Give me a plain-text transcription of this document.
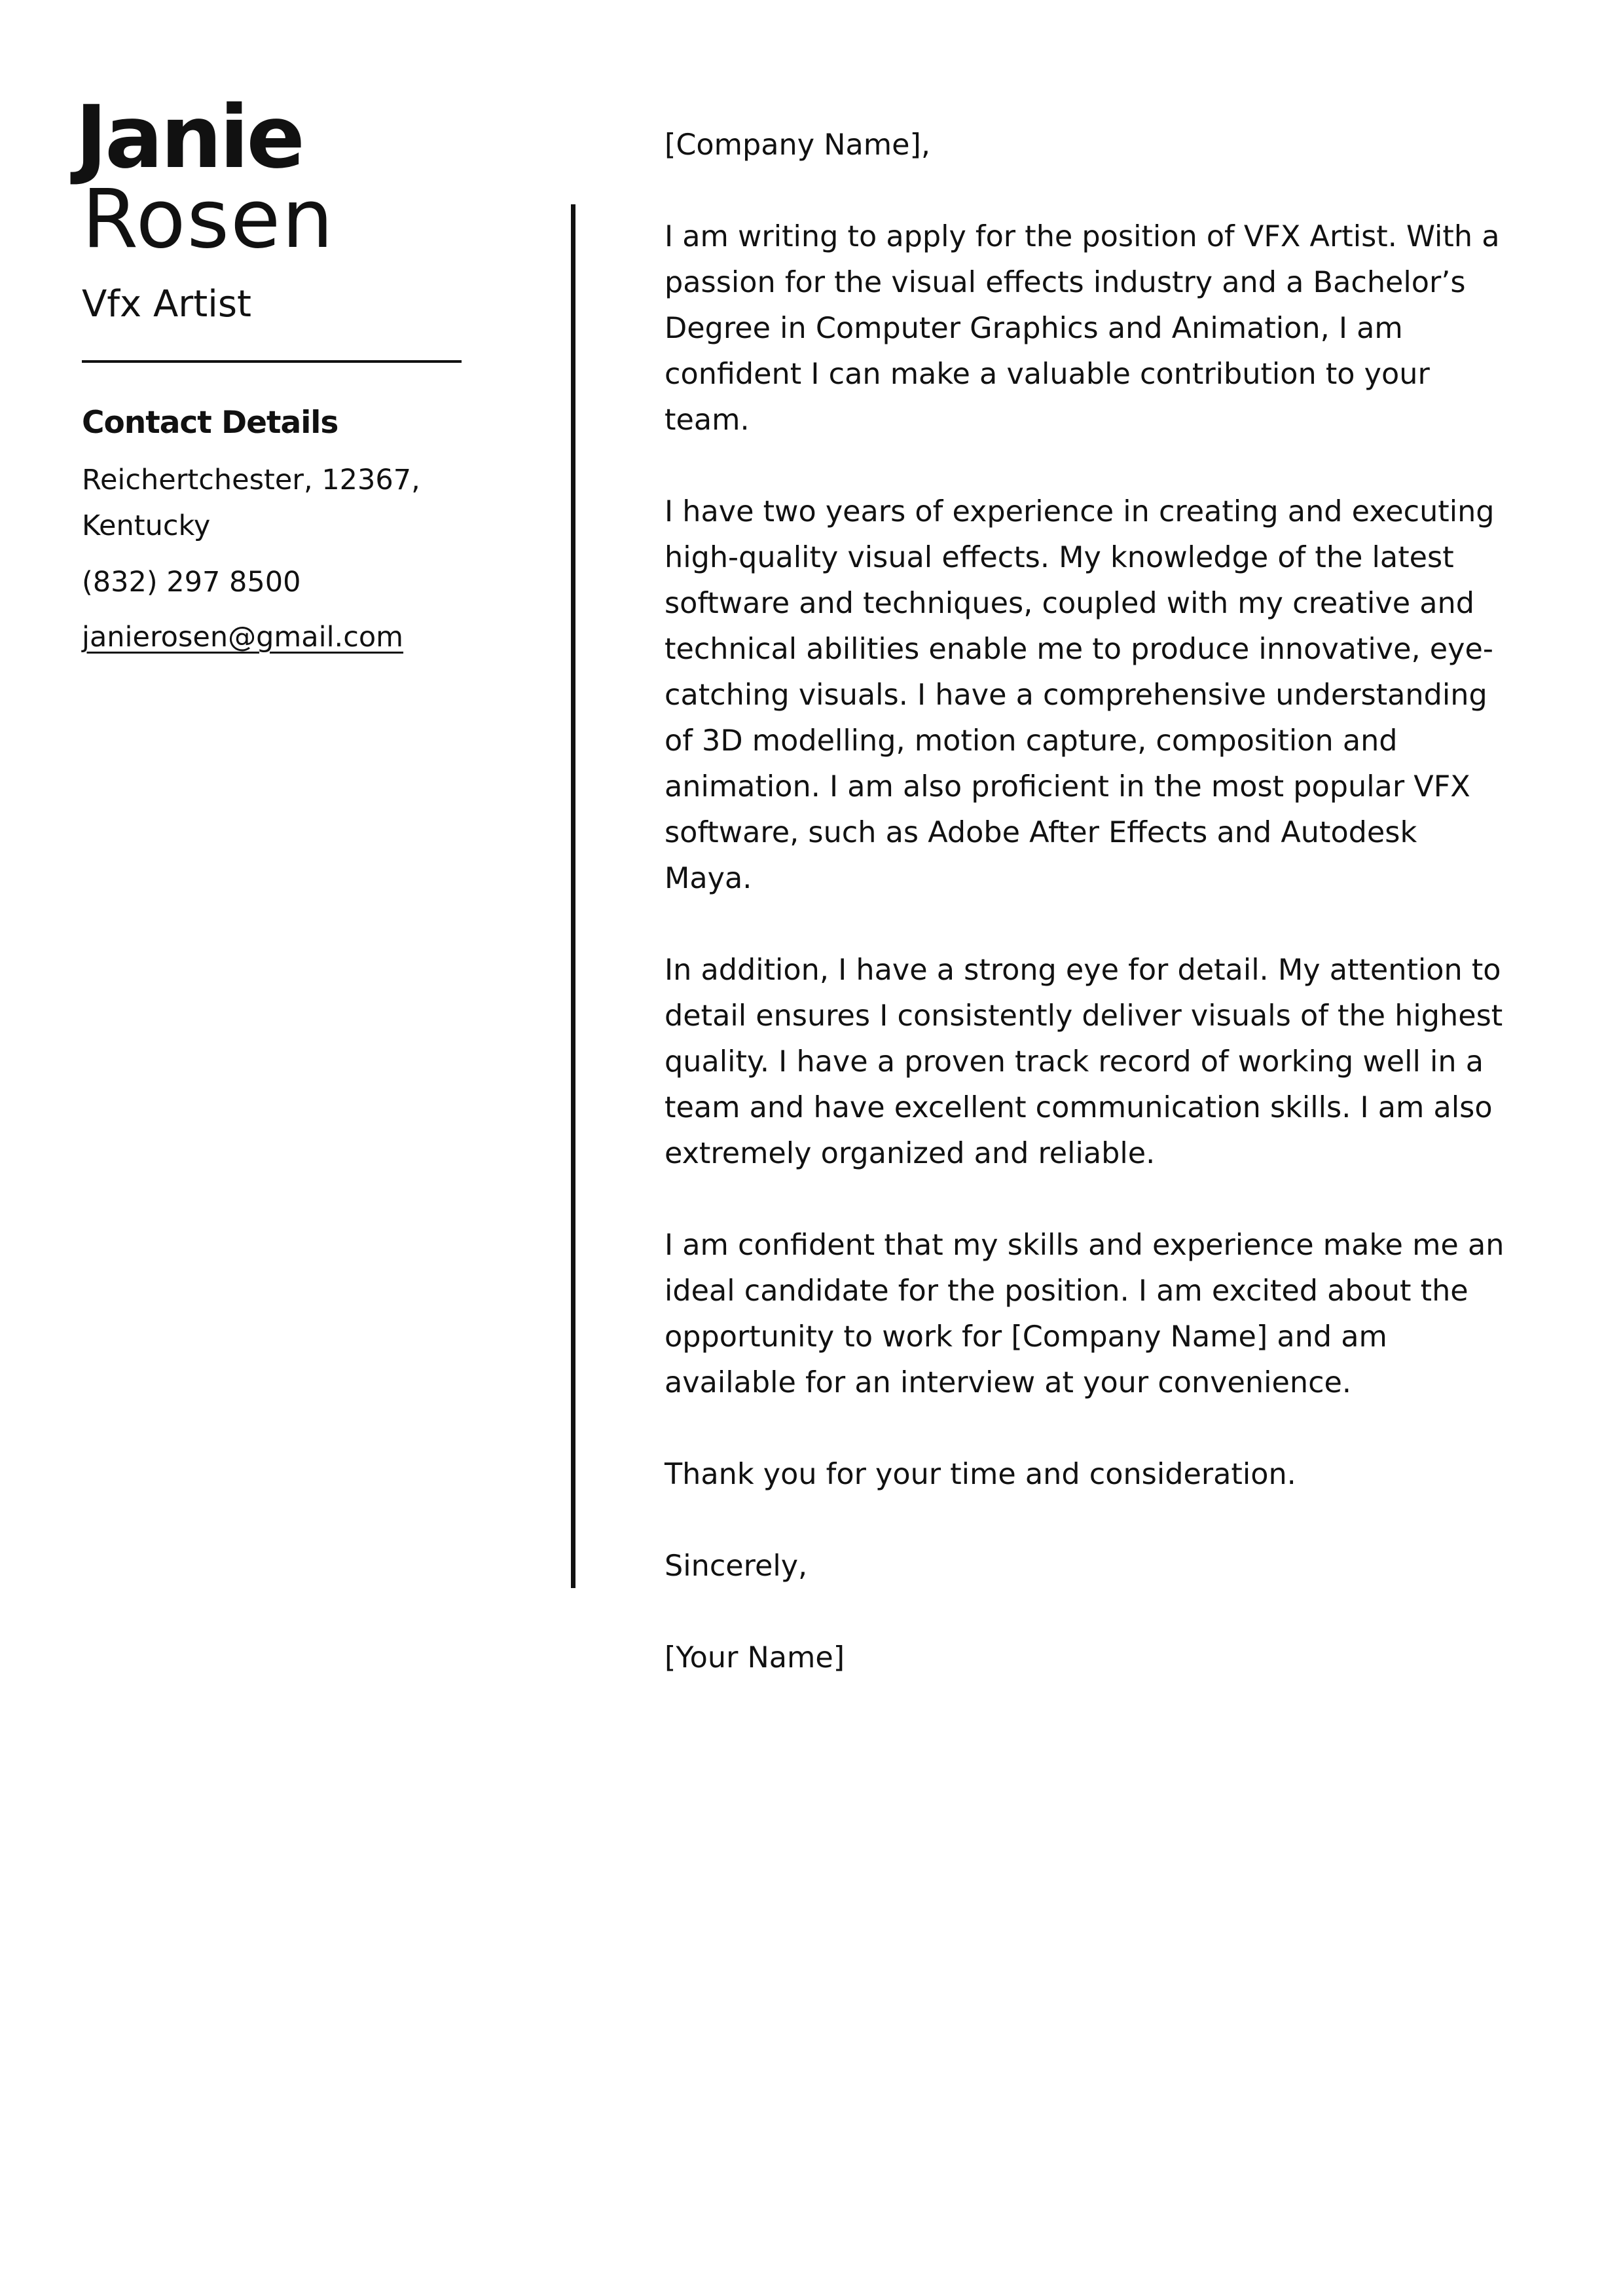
Janie
Rosen
Vfx Artist
Contact Details
Reichertchester, 12367,
Kentucky
(832) 297 8500
janierosen@gmail.com

[Company Name],

I am writing to apply for the position of VFX Artist. With a passion for the visual effects industry and a Bachelor’s Degree in Computer Graphics and Animation, I am confident I can make a valuable contribution to your team.

I have two years of experience in creating and executing high-quality visual effects. My knowledge of the latest software and techniques, coupled with my creative and technical abilities enable me to produce innovative, eye-catching visuals. I have a comprehensive understanding of 3D modelling, motion capture, composition and animation. I am also proficient in the most popular VFX software, such as Adobe After Effects and Autodesk Maya.

In addition, I have a strong eye for detail. My attention to detail ensures I consistently deliver visuals of the highest quality. I have a proven track record of working well in a team and have excellent communication skills. I am also extremely organized and reliable.

I am confident that my skills and experience make me an ideal candidate for the position. I am excited about the opportunity to work for [Company Name] and am available for an interview at your convenience.

Thank you for your time and consideration.

Sincerely,

[Your Name]
